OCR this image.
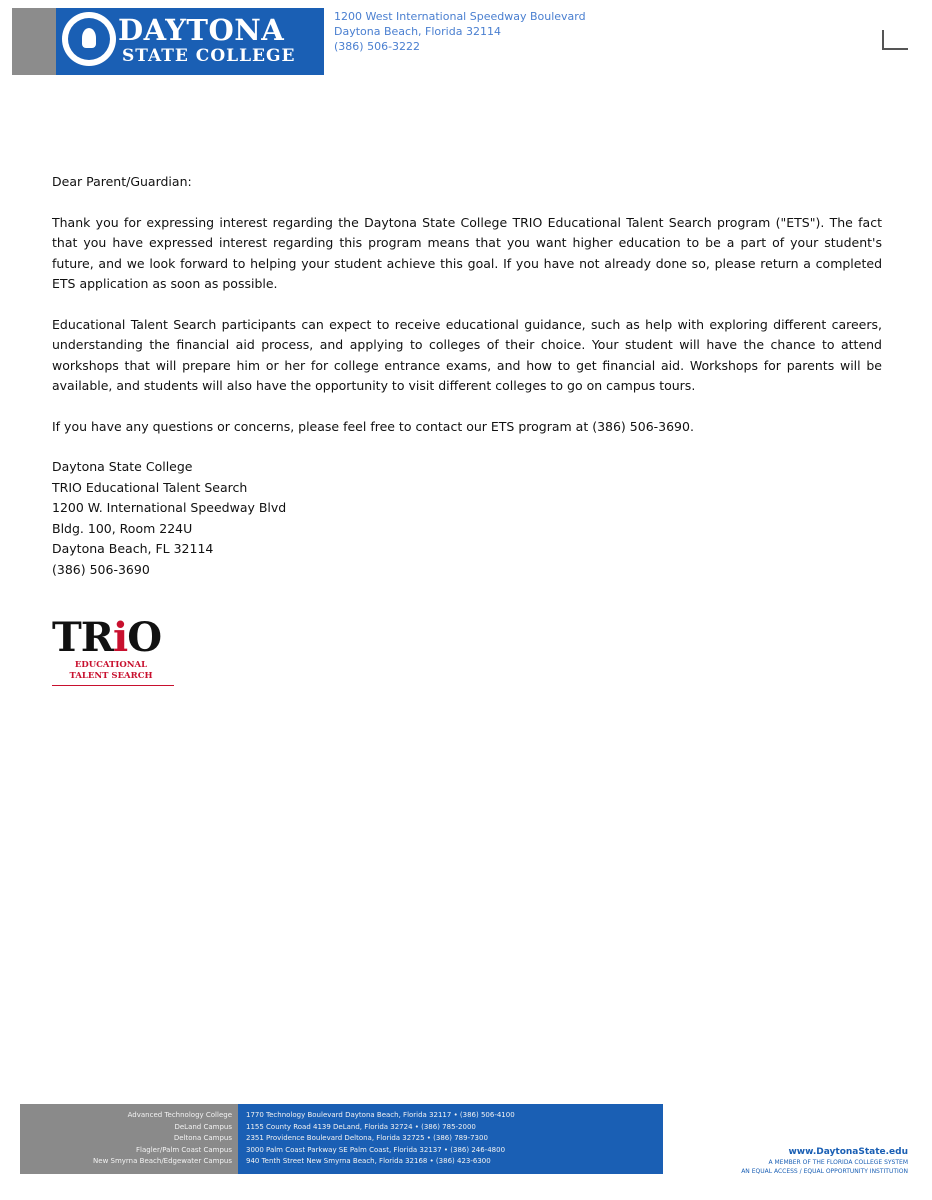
DAYTONA
STATE COLLEGE
1200 West International Speedway Boulevard
Daytona Beach, Florida 32114
(386) 506-3222

Dear Parent/Guardian:

Thank you for expressing interest regarding the Daytona State College TRIO Educational Talent Search program ("ETS"). The fact that you have expressed interest regarding this program means that you want higher education to be a part of your student's future, and we look forward to helping your student achieve this goal. If you have not already done so, please return a completed ETS application as soon as possible.

Educational Talent Search participants can expect to receive educational guidance, such as help with exploring different careers, understanding the financial aid process, and applying to colleges of their choice. Your student will have the chance to attend workshops that will prepare him or her for college entrance exams, and how to get financial aid. Workshops for parents will be available, and students will also have the opportunity to visit different colleges to go on campus tours.

If you have any questions or concerns, please feel free to contact our ETS program at (386) 506-3690.

Daytona State College
TRIO Educational Talent Search
1200 W. International Speedway Blvd
Bldg. 100, Room 224U
Daytona Beach, FL 32114
(386) 506-3690
TRiO
EDUCATIONAL
TALENT SEARCH
Advanced Technology College
DeLand Campus
Deltona Campus
Flagler/Palm Coast Campus
New Smyrna Beach/Edgewater Campus
1770 Technology Boulevard Daytona Beach, Florida 32117 • (386) 506-4100
1155 County Road 4139 DeLand, Florida 32724 • (386) 785-2000
2351 Providence Boulevard Deltona, Florida 32725 • (386) 789-7300
3000 Palm Coast Parkway SE Palm Coast, Florida 32137 • (386) 246-4800
940 Tenth Street New Smyrna Beach, Florida 32168 • (386) 423-6300
www.DaytonaState.edu
A MEMBER OF THE FLORIDA COLLEGE SYSTEM
AN EQUAL ACCESS / EQUAL OPPORTUNITY INSTITUTION
